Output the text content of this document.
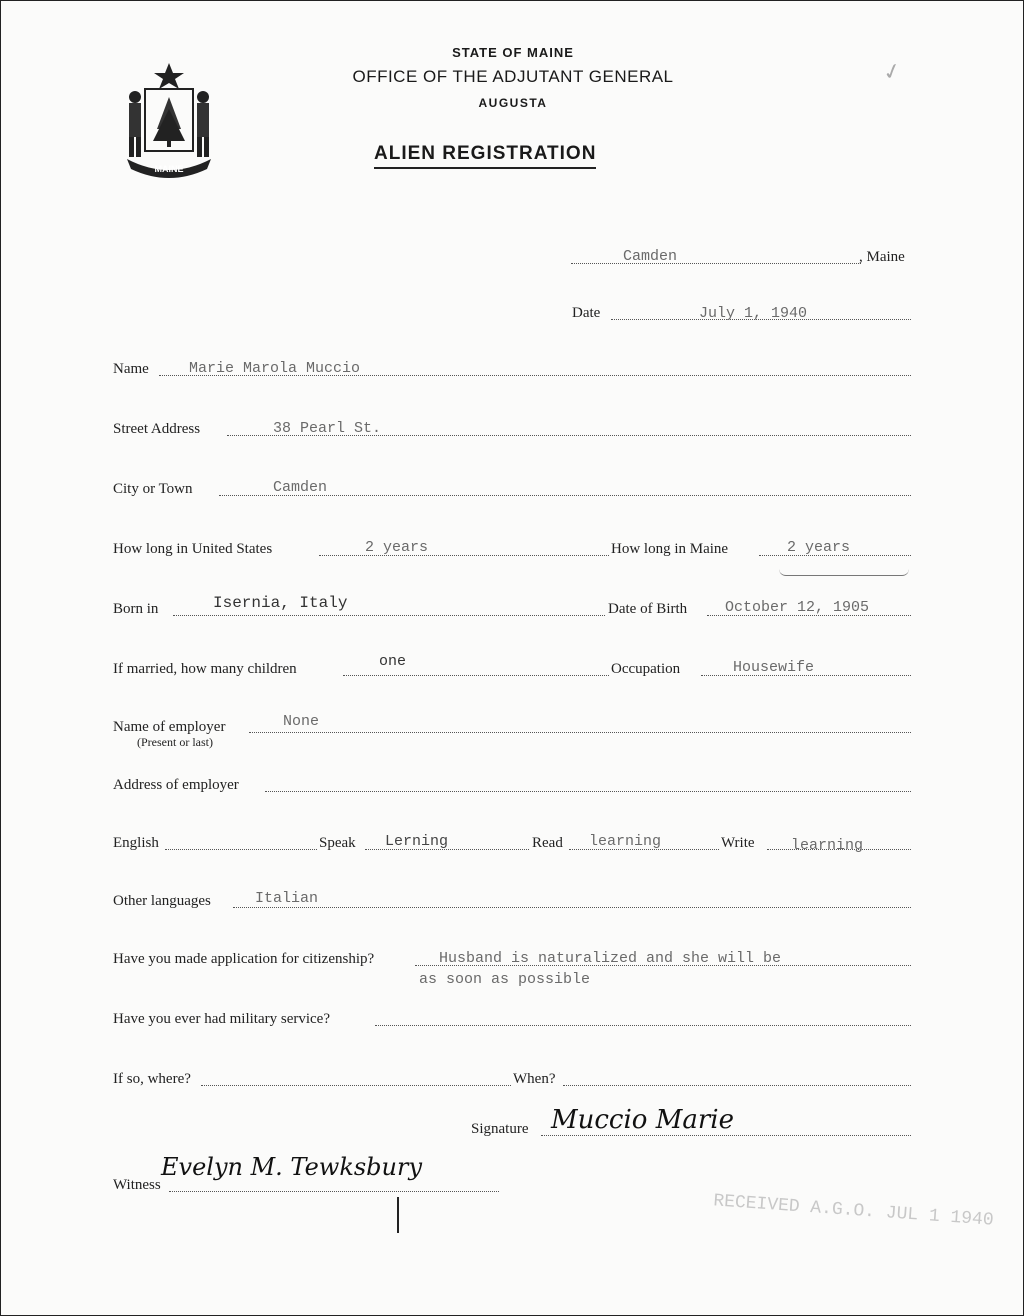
MAINE
STATE OF MAINE
OFFICE OF THE ADJUTANT GENERAL
AUGUSTA
ALIEN REGISTRATION
✓
Camden	, Maine
Date	July 1, 1940
Name	Marie Marola Muccio
Street Address	38 Pearl St.
City or Town	Camden
How long in United States	2 years	How long in Maine	2 years
Born in	Isernia, Italy	Date of Birth	October 12, 1905
If married, how many children	one	Occupation	Housewife
Name of employer
(Present or last)
None
Address of employer
English	Speak Lerning	Read learning	Write learning
Other languages	Italian
Have you made application for citizenship?	Husband is naturalized and she will be
as soon as possible
Have you ever had military service?
If so, where?	When?
Signature Muccio Marie
Witness
Evelyn M. Tewksbury
RECEIVED A.G.O. JUL 1 1940
